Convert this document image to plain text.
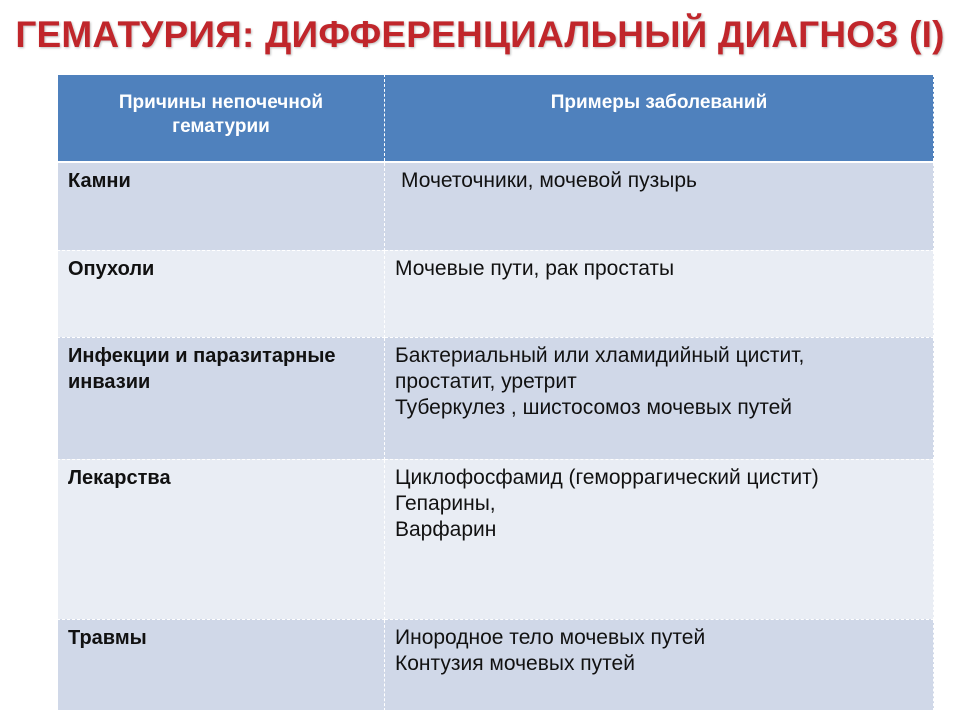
ГЕМАТУРИЯ: ДИФФЕРЕНЦИАЛЬНЫЙ ДИАГНОЗ (I)
Причины непочечной гематурии	Примеры заболеваний
Камни	Мочеточники, мочевой пузырь

Опухоли	Мочевые пути, рак простаты

Инфекции и паразитарные инвазии	Бактериальный или хламидийный цистит,
простатит, уретрит
Туберкулез , шистосомоз мочевых путей

Лекарства	Циклофосфамид (геморрагический цистит)
Гепарины,
Варфарин

Травмы	Инородное тело мочевых путей
Контузия мочевых путей
